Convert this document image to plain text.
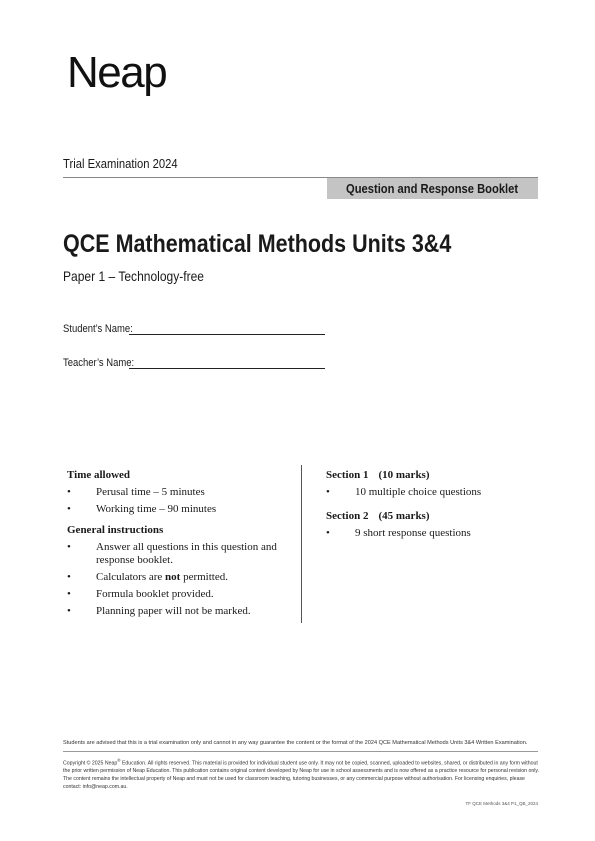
Neap
Trial Examination 2024
Question and Response Booklet
QCE Mathematical Methods Units 3&4
Paper 1 – Technology-free
Student’s Name:
Teacher’s Name:
Time allowed
• Perusal time – 5 minutes
• Working time – 90 minutes
General instructions
• Answer all questions in this question and response booklet.
• Calculators are not permitted.
• Formula booklet provided.
• Planning paper will not be marked.
Section 1 (10 marks)
• 10 multiple choice questions
Section 2 (45 marks)
• 9 short response questions
Students are advised that this is a trial examination only and cannot in any way guarantee the content or the format of the 2024 QCE Mathematical Methods Units 3&4 Written Examination.
Copyright © 2025 Neap® Education. All rights reserved. This material is provided for individual student use only. It may not be copied, scanned, uploaded to websites, shared, or distributed in any form without the prior written permission of Neap Education. This publication contains original content developed by Neap for use in school assessments and is now offered as a practice resource for personal revision only. The content remains the intellectual property of Neap and must not be used for classroom teaching, tutoring businesses, or any commercial purpose without authorisation. For licensing enquiries, please contact: info@neap.com.au.
TF QCE Methods 3&4 P1_QB_2024
